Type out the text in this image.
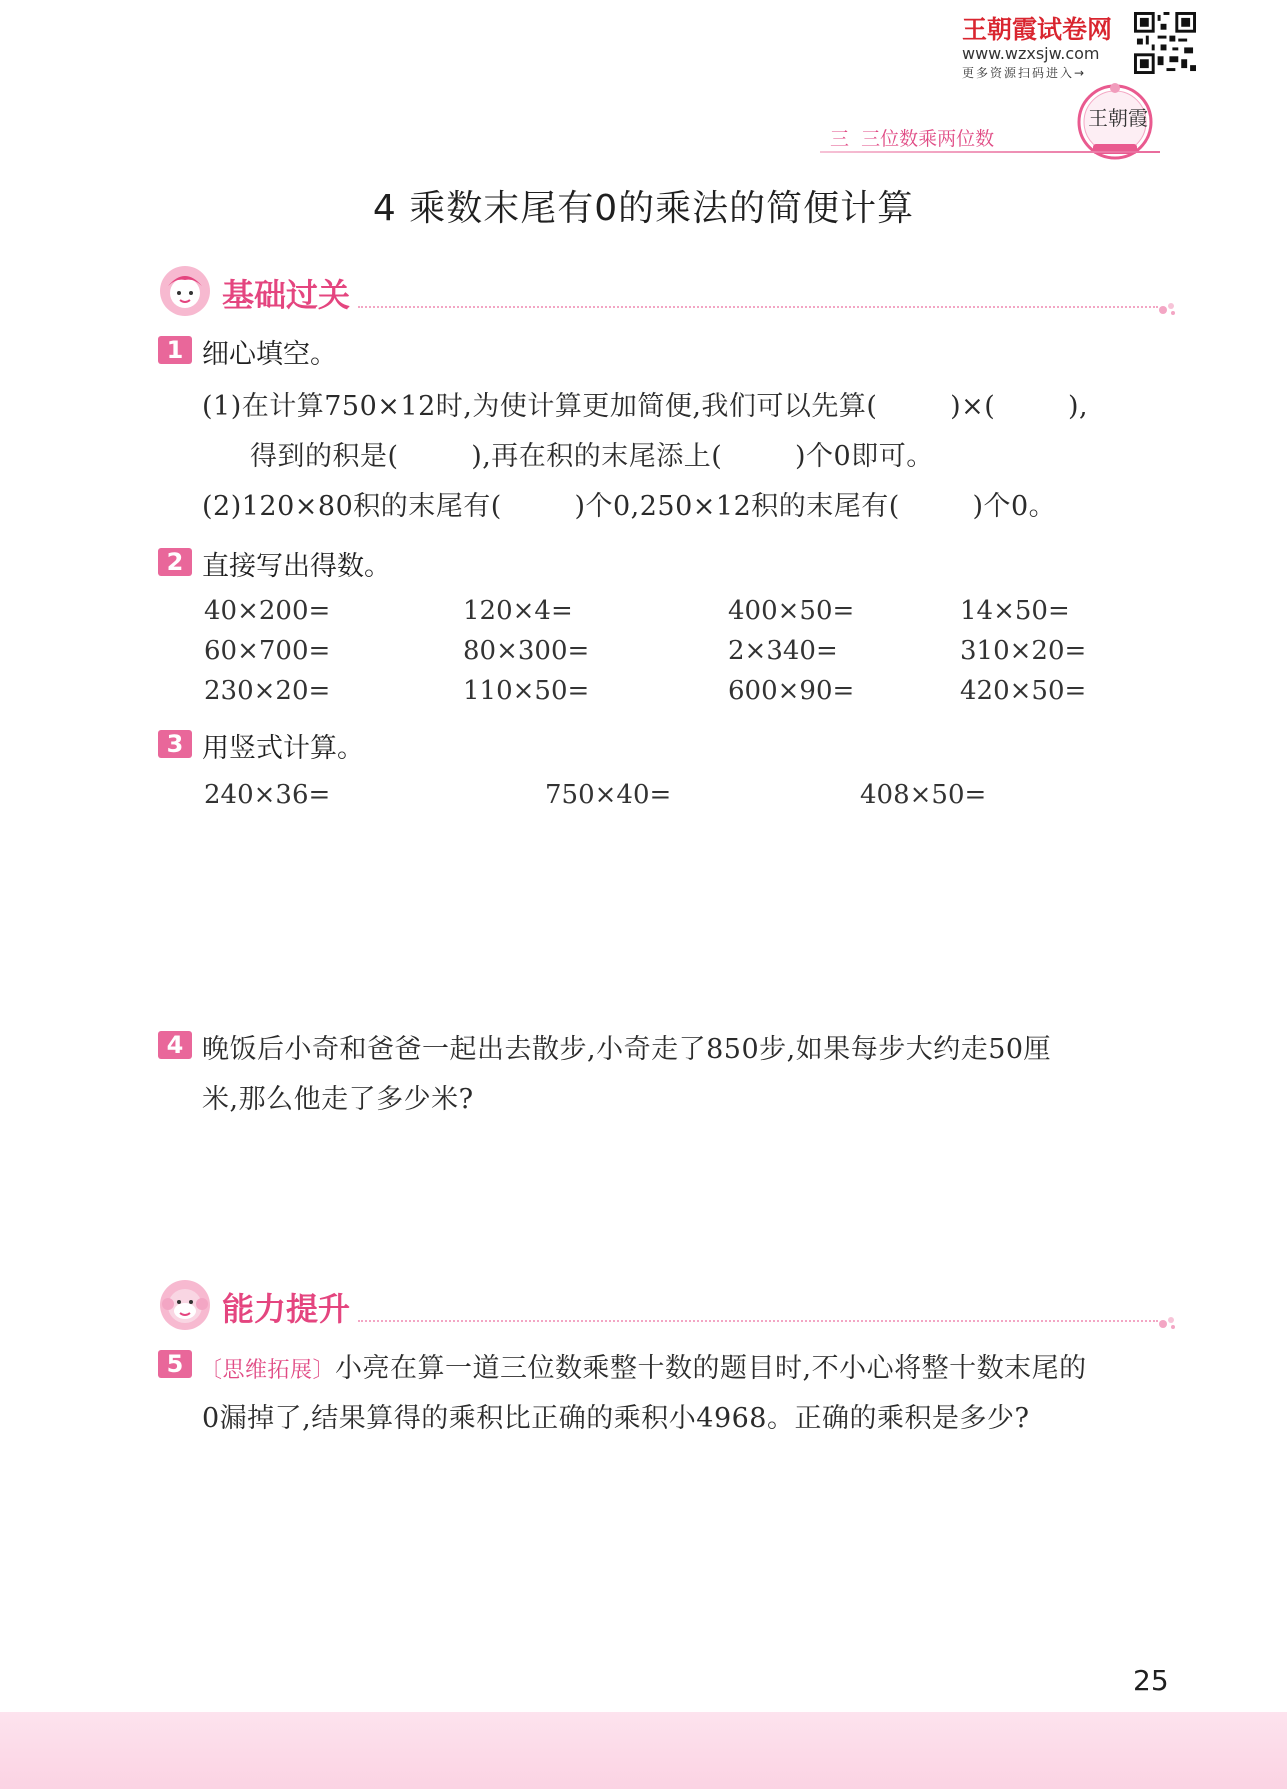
王朝霞试卷网
www.wzxsjw.com
更多资源扫码进入→
王朝霞
三  三位数乘两位数
4 乘数末尾有0的乘法的简便计算
基础过关
1 细心填空。
(1)在计算750×12时,为使计算更加简便,我们可以先算(        )×(        ),
得到的积是(        ),再在积的末尾添上(        )个0即可。
(2)120×80积的末尾有(        )个0,250×12积的末尾有(        )个0。
2 直接写出得数。
40×200=	120×4=	400×50=	14×50=
60×700=	80×300=	2×340=	310×20=
230×20=	110×50=	600×90=	420×50=
3 用竖式计算。
240×36=	750×40=	408×50=
4 晚饭后小奇和爸爸一起出去散步,小奇走了850步,如果每步大约走50厘
米,那么他走了多少米?
能力提升
5 〔思维拓展〕小亮在算一道三位数乘整十数的题目时,不小心将整十数末尾的
0漏掉了,结果算得的乘积比正确的乘积小4968。正确的乘积是多少?
25
